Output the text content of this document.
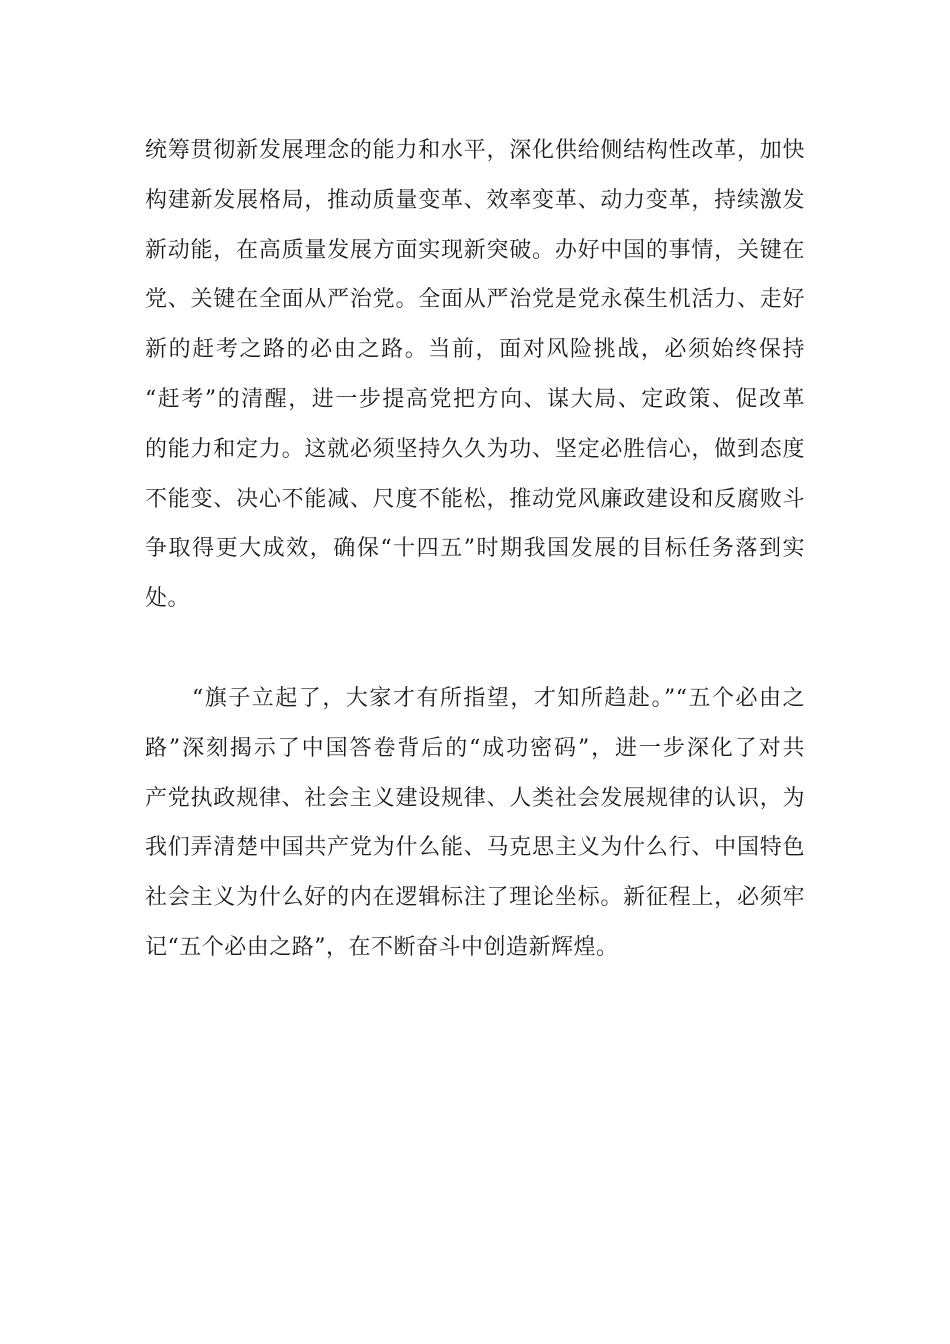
统筹贯彻新发展理念的能力和水平，深化供给侧结构性改革，加快
构建新发展格局，推动质量变革、效率变革、动力变革，持续激发
新动能，在高质量发展方面实现新突破。办好中国的事情，关键在
党、关键在全面从严治党。全面从严治党是党永葆生机活力、走好
新的赶考之路的必由之路。当前，面对风险挑战，必须始终保持
“赶考”的清醒，进一步提高党把方向、谋大局、定政策、促改革
的能力和定力。这就必须坚持久久为功、坚定必胜信心，做到态度
不能变、决心不能减、尺度不能松，推动党风廉政建设和反腐败斗
争取得更大成效，确保“十四五”时期我国发展的目标任务落到实
处。
　　“旗子立起了，大家才有所指望，才知所趋赴。”“五个必由之
路”深刻揭示了中国答卷背后的“成功密码”，进一步深化了对共
产党执政规律、社会主义建设规律、人类社会发展规律的认识，为
我们弄清楚中国共产党为什么能、马克思主义为什么行、中国特色
社会主义为什么好的内在逻辑标注了理论坐标。新征程上，必须牢
记“五个必由之路”，在不断奋斗中创造新辉煌。
